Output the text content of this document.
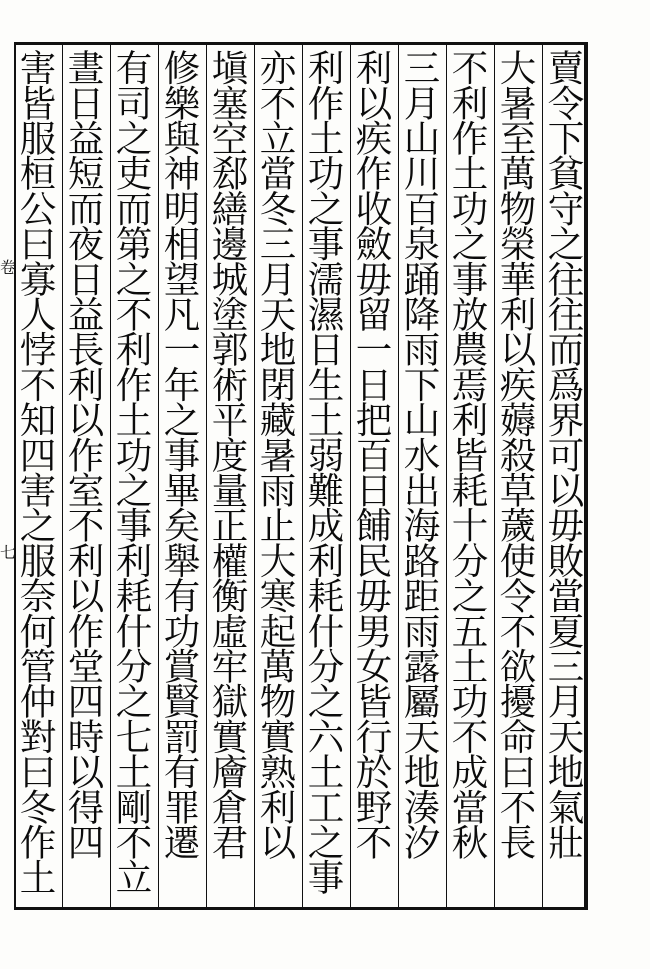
賣令下貧守之往往而爲界可以毋敗當夏三月天地氣壯
大暑至萬物榮華利以疾薅殺草薉使令不欲擾命曰不長
不利作土功之事放農焉利皆耗十分之五土功不成當秋
三月山川百泉踊降雨下山水出海路距雨露屬天地湊汐
利以疾作收斂毋留一日把百日餔民毋男女皆行於野不
利作土功之事濡濕日生土弱難成利耗什分之六土工之事
亦不立當冬三月天地閉藏暑雨止大寒起萬物實熟利以
塡塞空郄繕邊城塗郭術平度量正權衡虛牢獄實廥倉君
修樂與神明相望凡一年之事畢矣舉有功賞賢罰有罪遷
有司之吏而第之不利作土功之事利耗什分之七土剛不立
晝日益短而夜日益長利以作室不利以作堂四時以得四
害皆服桓公曰寡人悖不知四害之服奈何管仲對曰冬作土
卷
七
